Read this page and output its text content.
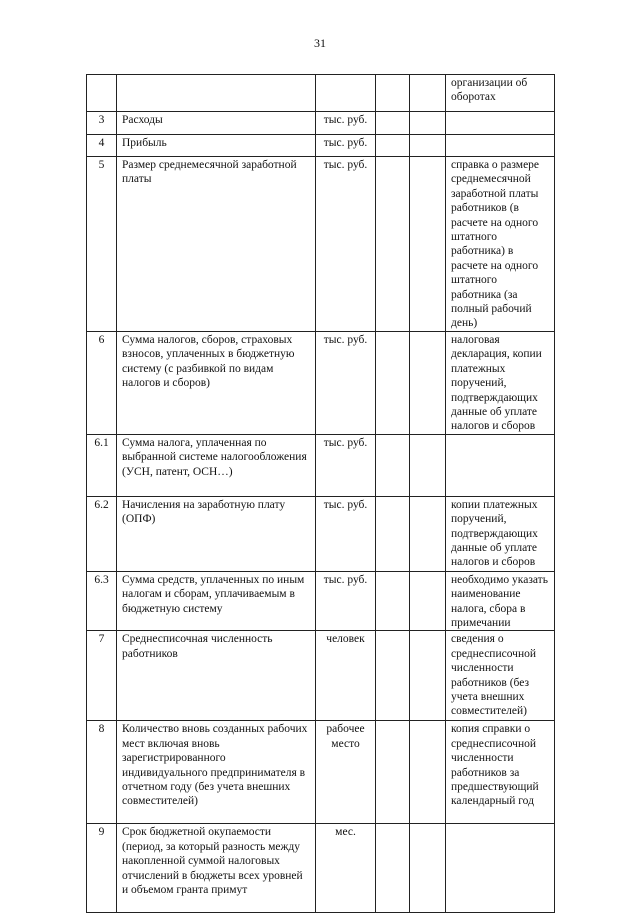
31
					организации об оборотах
3	Расходы	тыс. руб.			
4	Прибыль	тыс. руб.			
5	Размер среднемесячной заработной платы	тыс. руб.			справка о размере среднемесячной заработной платы работников (в расчете на одного штатного работника) в расчете на одного штатного работника (за полный рабочий день)
6	Сумма налогов, сборов, страховых взносов, уплаченных в бюджетную систему (с разбивкой по видам налогов и сборов)	тыс. руб.			налоговая декларация, копии платежных поручений, подтверждающих данные об уплате налогов и сборов
6.1	Сумма налога, уплаченная по выбранной системе налогообложения (УСН, патент, ОСН…)	тыс. руб.			
6.2	Начисления на заработную плату (ОПФ)	тыс. руб.			копии платежных поручений, подтверждающих данные об уплате налогов и сборов
6.3	Сумма средств, уплаченных по иным налогам и сборам, уплачиваемым в бюджетную систему	тыс. руб.			необходимо указать наименование налога, сбора в примечании
7	Среднесписочная численность работников	человек			сведения о среднесписочной численности работников (без учета внешних совместителей)
8	Количество вновь созданных рабочих мест включая вновь зарегистрированного индивидуального предпринимателя в отчетном году (без учета внешних совместителей)	рабочее место			копия справки о среднесписочной численности работников за предшествующий календарный год
9	Срок бюджетной окупаемости (период, за который разность между накопленной суммой налоговых отчислений в бюджеты всех уровней и объемом гранта примут	мес.			
